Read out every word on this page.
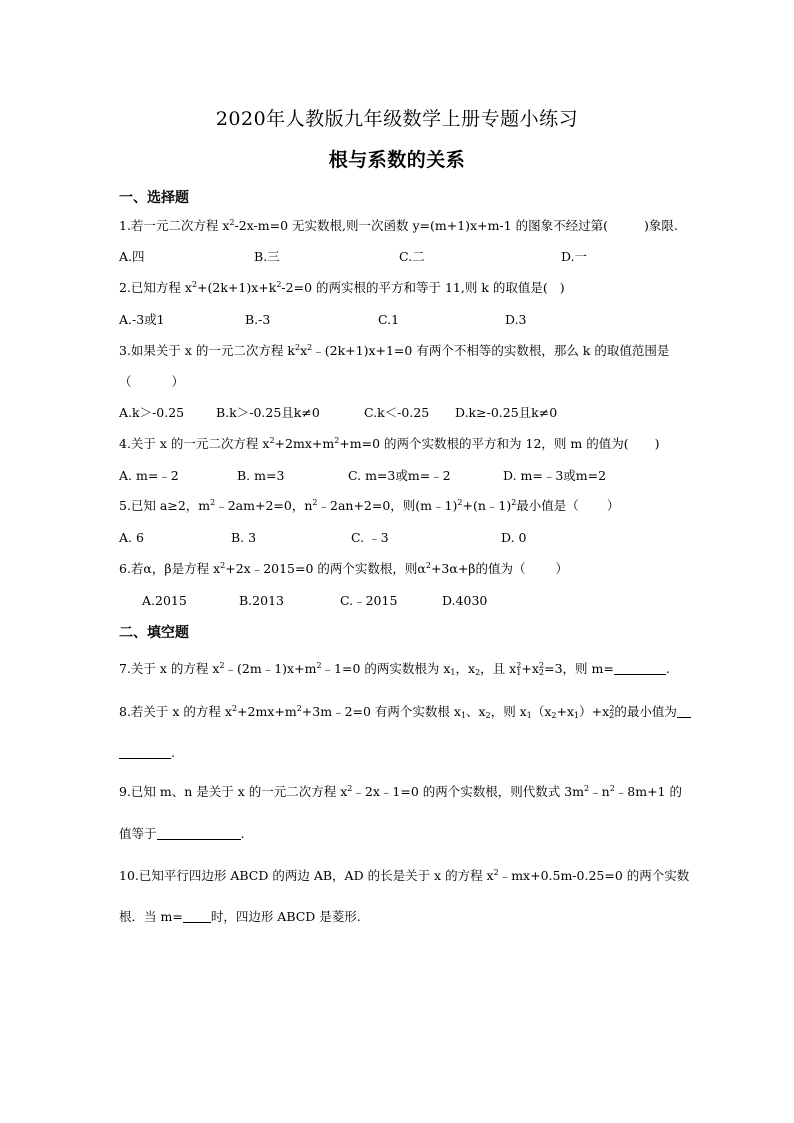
2020年人教版九年级数学上册专题小练习
根与系数的关系
一、选择题
1.若一元二次方程 $x^2-2x-m=0$ 无实数根,则一次函数 y=(m+1)x+m-1 的图象不经过第(	)象限.
A.四	B.三	C.二	D.一
2.已知方程 $x^2+(2k+1)x+k^2-2=0$ 的两实根的平方和等于 11,则 k 的取值是( )
A.-3或1	B.-3	C.1	D.3
3.如果关于 x 的一元二次方程 $k^2x^2﹣(2k+1)x+1=0$ 有两个不相等的实数根，那么 k 的取值范围是
（	）
A.k＞-0.25	B.k＞-0.25且k≠0	C.k＜-0.25 D.k≥-0.25且k≠0
4.关于 x 的一元二次方程 $x^2+2mx+m^2+m=0$ 的两个实数根的平方和为 12，则 m 的值为( )
A. m=﹣2	B. m=3	C. m=3或m=﹣2	D. m=﹣3或m=2
5.已知 a≥2，$m^2﹣2am+2=0$，$n^2﹣2an+2=0$，则(m﹣1)$^2$+(n﹣1)$^2$最小值是（ ）
A. 6	B. 3	C. ﹣3	D. 0
6.若α，β是方程 $x^2+2x﹣2015=0$ 的两个实数根，则$\alpha^2+3\alpha+\beta$的值为（ ）
A.2015	B.2013	C.﹣2015	D.4030
二、填空题
7.关于 x 的方程 $x^2﹣(2m﹣1)x+m^2﹣1=0$ 的两实数根为 $x_1$，$x_2$，且 $x_1^2+x_2^2=3$，则 m=	.
8.若关于 x 的方程 $x^2+2mx+m^2+3m﹣2=0$ 有两个实数根 $x_1$、$x_2$，则 $x_1(x_2+x_1)+x_2^2$的最小值为
.
9.已知 m、n 是关于 x 的一元二次方程 $x^2﹣2x﹣1=0$ 的两个实数根，则代数式 $3m^2﹣n^2﹣8m+1$ 的
值等于	.
10.已知平行四边形 ABCD 的两边 AB，AD 的长是关于 x 的方程 $x^2﹣mx+0.5m-0.25=0$ 的两个实数
根．当 m= 时，四边形 ABCD 是菱形.
